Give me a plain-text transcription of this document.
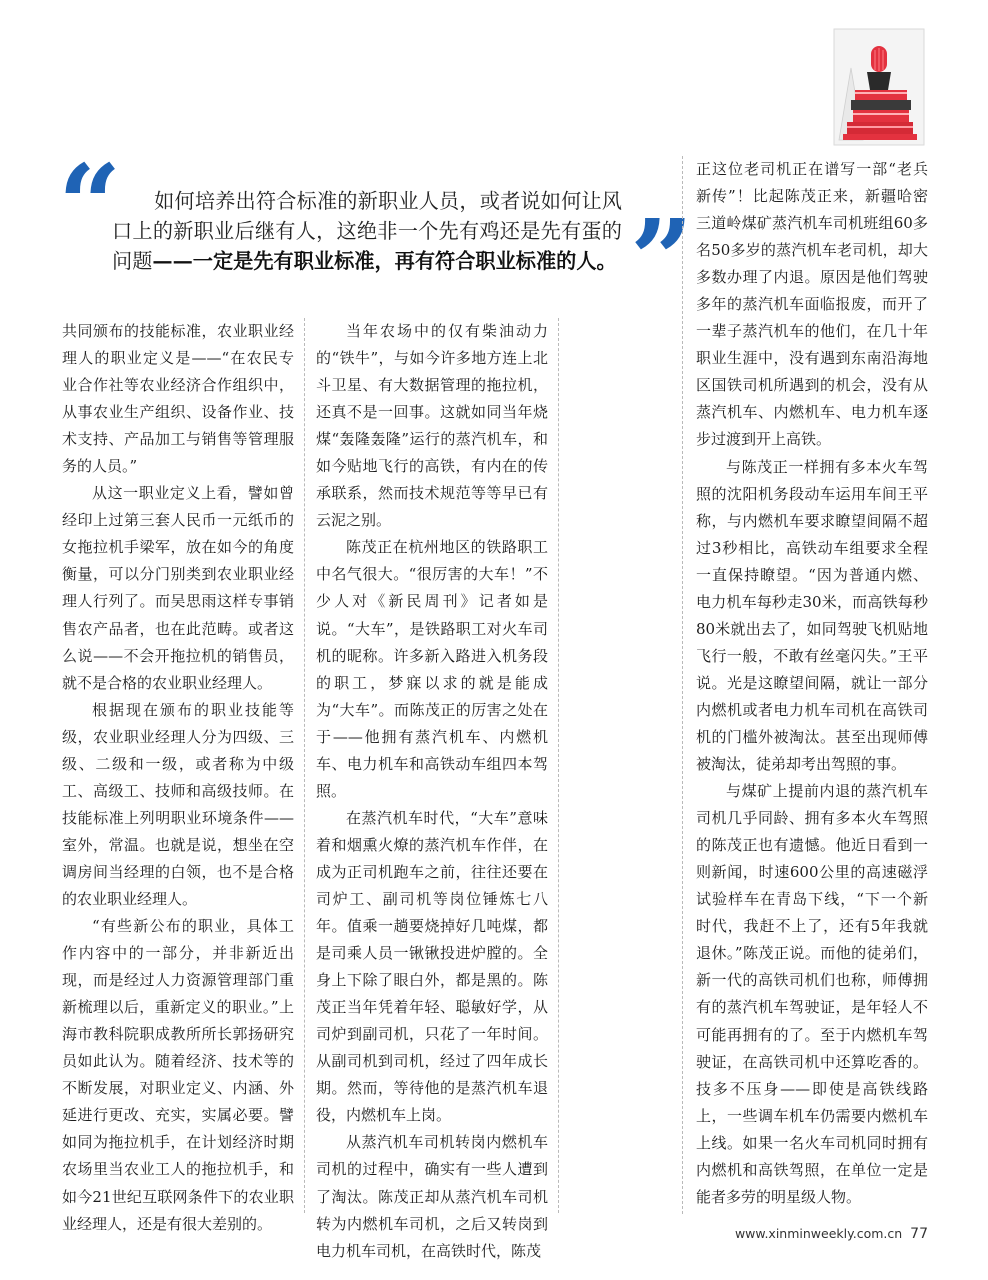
“	”
如何培养出符合标准的新职业人员，或者说如何让风口上的新职业后继有人，这绝非一个先有鸡还是先有蛋的问题——一定是先有职业标准，再有符合职业标准的人。

共同颁布的技能标准，农业职业经理人的职业定义是——“在农民专业合作社等农业经济合作组织中，从事农业生产组织、设备作业、技术支持、产品加工与销售等管理服务的人员。”

从这一职业定义上看，譬如曾经印上过第三套人民币一元纸币的女拖拉机手梁军，放在如今的角度衡量，可以分门别类到农业职业经理人行列了。而吴思雨这样专事销售农产品者，也在此范畴。或者这么说——不会开拖拉机的销售员，就不是合格的农业职业经理人。

根据现在颁布的职业技能等级，农业职业经理人分为四级、三级、二级和一级，或者称为中级工、高级工、技师和高级技师。在技能标准上列明职业环境条件——室外，常温。也就是说，想坐在空调房间当经理的白领，也不是合格的农业职业经理人。

“有些新公布的职业，具体工作内容中的一部分，并非新近出现，而是经过人力资源管理部门重新梳理以后，重新定义的职业。”上海市教科院职成教所所长郭扬研究员如此认为。随着经济、技术等的不断发展，对职业定义、内涵、外延进行更改、充实，实属必要。譬如同为拖拉机手，在计划经济时期农场里当农业工人的拖拉机手，和如今21世纪互联网条件下的农业职业经理人，还是有很大差别的。

当年农场中的仅有柴油动力的“铁牛”，与如今许多地方连上北斗卫星、有大数据管理的拖拉机，还真不是一回事。这就如同当年烧煤“轰隆轰隆”运行的蒸汽机车，和如今贴地飞行的高铁，有内在的传承联系，然而技术规范等等早已有云泥之别。

陈茂正在杭州地区的铁路职工中名气很大。“很厉害的大车！”不少人对《新民周刊》记者如是说。“大车”，是铁路职工对火车司机的昵称。许多新入路进入机务段的职工，梦寐以求的就是能成为“大车”。而陈茂正的厉害之处在于——他拥有蒸汽机车、内燃机车、电力机车和高铁动车组四本驾照。

在蒸汽机车时代，“大车”意味着和烟熏火燎的蒸汽机车作伴，在成为正司机跑车之前，往往还要在司炉工、副司机等岗位锤炼七八年。值乘一趟要烧掉好几吨煤，都是司乘人员一锹锹投进炉膛的。全身上下除了眼白外，都是黑的。陈茂正当年凭着年轻、聪敏好学，从司炉到副司机，只花了一年时间。从副司机到司机，经过了四年成长期。然而，等待他的是蒸汽机车退役，内燃机车上岗。

从蒸汽机车司机转岗内燃机车司机的过程中，确实有一些人遭到了淘汰。陈茂正却从蒸汽机车司机转为内燃机车司机，之后又转岗到电力机车司机，在高铁时代，陈茂

正这位老司机正在谱写一部“老兵新传”！比起陈茂正来，新疆哈密三道岭煤矿蒸汽机车司机班组60多名50多岁的蒸汽机车老司机，却大多数办理了内退。原因是他们驾驶多年的蒸汽机车面临报废，而开了一辈子蒸汽机车的他们，在几十年职业生涯中，没有遇到东南沿海地区国铁司机所遇到的机会，没有从蒸汽机车、内燃机车、电力机车逐步过渡到开上高铁。

与陈茂正一样拥有多本火车驾照的沈阳机务段动车运用车间王平称，与内燃机车要求瞭望间隔不超过3秒相比，高铁动车组要求全程一直保持瞭望。“因为普通内燃、电力机车每秒走30米，而高铁每秒80米就出去了，如同驾驶飞机贴地飞行一般，不敢有丝毫闪失。”王平说。光是这瞭望间隔，就让一部分内燃机或者电力机车司机在高铁司机的门槛外被淘汰。甚至出现师傅被淘汰，徒弟却考出驾照的事。

与煤矿上提前内退的蒸汽机车司机几乎同龄、拥有多本火车驾照的陈茂正也有遗憾。他近日看到一则新闻，时速600公里的高速磁浮试验样车在青岛下线，“下一个新时代，我赶不上了，还有5年我就退休。”陈茂正说。而他的徒弟们，新一代的高铁司机们也称，师傅拥有的蒸汽机车驾驶证，是年轻人不可能再拥有的了。至于内燃机车驾驶证，在高铁司机中还算吃香的。技多不压身——即使是高铁线路上，一些调车机车仍需要内燃机车上线。如果一名火车司机同时拥有内燃机和高铁驾照，在单位一定是能者多劳的明星级人物。

www.xinminweekly.com.cn 77
